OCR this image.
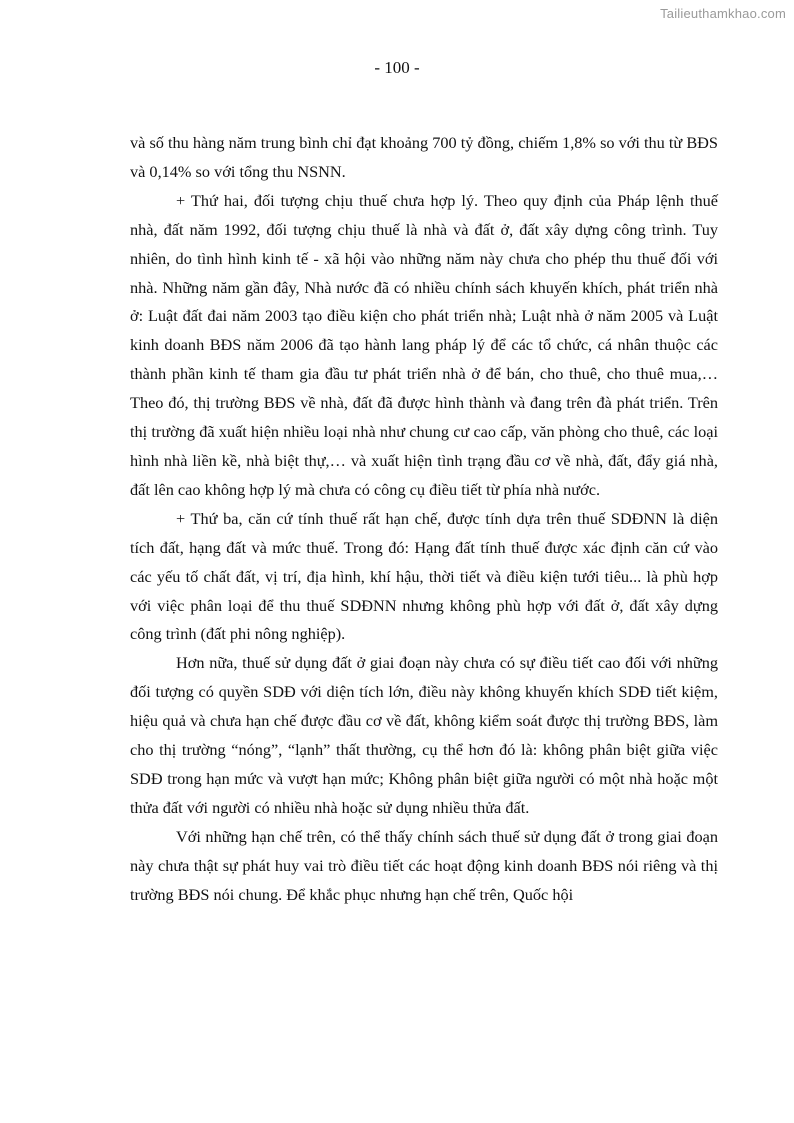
Tailieuthamkhao.com
- 100 -

và số thu hàng năm trung bình chỉ đạt khoảng 700 tỷ đồng, chiếm 1,8% so với thu từ BĐS và 0,14% so với tổng thu NSNN.

+ Thứ hai, đối tượng chịu thuế chưa hợp lý. Theo quy định của Pháp lệnh thuế nhà, đất năm 1992, đối tượng chịu thuế là nhà và đất ở, đất xây dựng công trình. Tuy nhiên, do tình hình kinh tế - xã hội vào những năm này chưa cho phép thu thuế đối với nhà. Những năm gần đây, Nhà nước đã có nhiều chính sách khuyến khích, phát triển nhà ở: Luật đất đai năm 2003 tạo điều kiện cho phát triển nhà; Luật nhà ở năm 2005 và Luật kinh doanh BĐS năm 2006 đã tạo hành lang pháp lý để các tổ chức, cá nhân thuộc các thành phần kinh tế tham gia đầu tư phát triển nhà ở để bán, cho thuê, cho thuê mua,… Theo đó, thị trường BĐS về nhà, đất đã được hình thành và đang trên đà phát triển. Trên thị trường đã xuất hiện nhiều loại nhà như chung cư cao cấp, văn phòng cho thuê, các loại hình nhà liền kề, nhà biệt thự,… và xuất hiện tình trạng đầu cơ về nhà, đất, đẩy giá nhà, đất lên cao không hợp lý mà chưa có công cụ điều tiết từ phía nhà nước.

+ Thứ ba, căn cứ tính thuế rất hạn chế, được tính dựa trên thuế SDĐNN là diện tích đất, hạng đất và mức thuế. Trong đó: Hạng đất tính thuế được xác định căn cứ vào các yếu tố chất đất, vị trí, địa hình, khí hậu, thời tiết và điều kiện tưới tiêu... là phù hợp với việc phân loại để thu thuế SDĐNN nhưng không phù hợp với đất ở, đất xây dựng công trình (đất phi nông nghiệp).

Hơn nữa, thuế sử dụng đất ở giai đoạn này chưa có sự điều tiết cao đối với những đối tượng có quyền SDĐ với diện tích lớn, điều này không khuyến khích SDĐ tiết kiệm, hiệu quả và chưa hạn chế được đầu cơ về đất, không kiểm soát được thị trường BĐS, làm cho thị trường “nóng”, “lạnh” thất thường, cụ thể hơn đó là: không phân biệt giữa việc SDĐ trong hạn mức và vượt hạn mức; Không phân biệt giữa người có một nhà hoặc một thửa đất với người có nhiều nhà hoặc sử dụng nhiều thửa đất.

Với những hạn chế trên, có thể thấy chính sách thuế sử dụng đất ở trong giai đoạn này chưa thật sự phát huy vai trò điều tiết các hoạt động kinh doanh BĐS nói riêng và thị trường BĐS nói chung. Để khắc phục nhưng hạn chế trên, Quốc hội
